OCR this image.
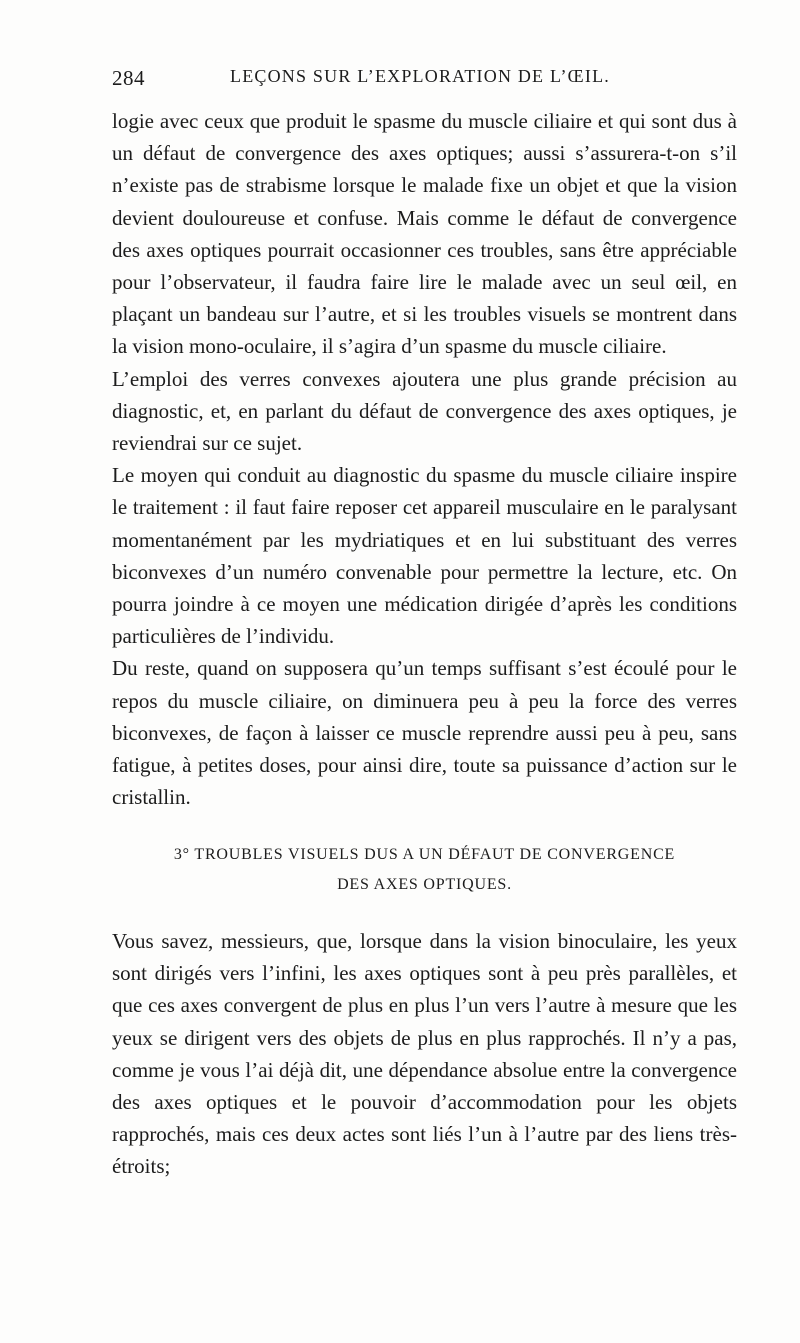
284	LEÇONS SUR L’EXPLORATION DE L’ŒIL.

logie avec ceux que produit le spasme du muscle ciliaire et qui sont dus à un défaut de convergence des axes optiques; aussi s’assurera-t-on s’il n’existe pas de strabisme lorsque le malade fixe un objet et que la vision devient douloureuse et confuse. Mais comme le défaut de convergence des axes optiques pourrait occasionner ces troubles, sans être appréciable pour l’observateur, il faudra faire lire le malade avec un seul œil, en plaçant un bandeau sur l’autre, et si les troubles visuels se montrent dans la vision mono-oculaire, il s’agira d’un spasme du muscle ciliaire.

L’emploi des verres convexes ajoutera une plus grande précision au diagnostic, et, en parlant du défaut de convergence des axes optiques, je reviendrai sur ce sujet.

Le moyen qui conduit au diagnostic du spasme du muscle ciliaire inspire le traitement : il faut faire reposer cet appareil musculaire en le paralysant momentanément par les mydriatiques et en lui substituant des verres biconvexes d’un numéro convenable pour permettre la lecture, etc. On pourra joindre à ce moyen une médication dirigée d’après les conditions particulières de l’individu.

Du reste, quand on supposera qu’un temps suffisant s’est écoulé pour le repos du muscle ciliaire, on diminuera peu à peu la force des verres biconvexes, de façon à laisser ce muscle reprendre aussi peu à peu, sans fatigue, à petites doses, pour ainsi dire, toute sa puissance d’action sur le cristallin.

3° TROUBLES VISUELS DUS A UN DÉFAUT DE CONVERGENCE
DES AXES OPTIQUES.

Vous savez, messieurs, que, lorsque dans la vision binoculaire, les yeux sont dirigés vers l’infini, les axes optiques sont à peu près parallèles, et que ces axes convergent de plus en plus l’un vers l’autre à mesure que les yeux se dirigent vers des objets de plus en plus rapprochés. Il n’y a pas, comme je vous l’ai déjà dit, une dépendance absolue entre la convergence des axes optiques et le pouvoir d’accommodation pour les objets rapprochés, mais ces deux actes sont liés l’un à l’autre par des liens très-étroits;
